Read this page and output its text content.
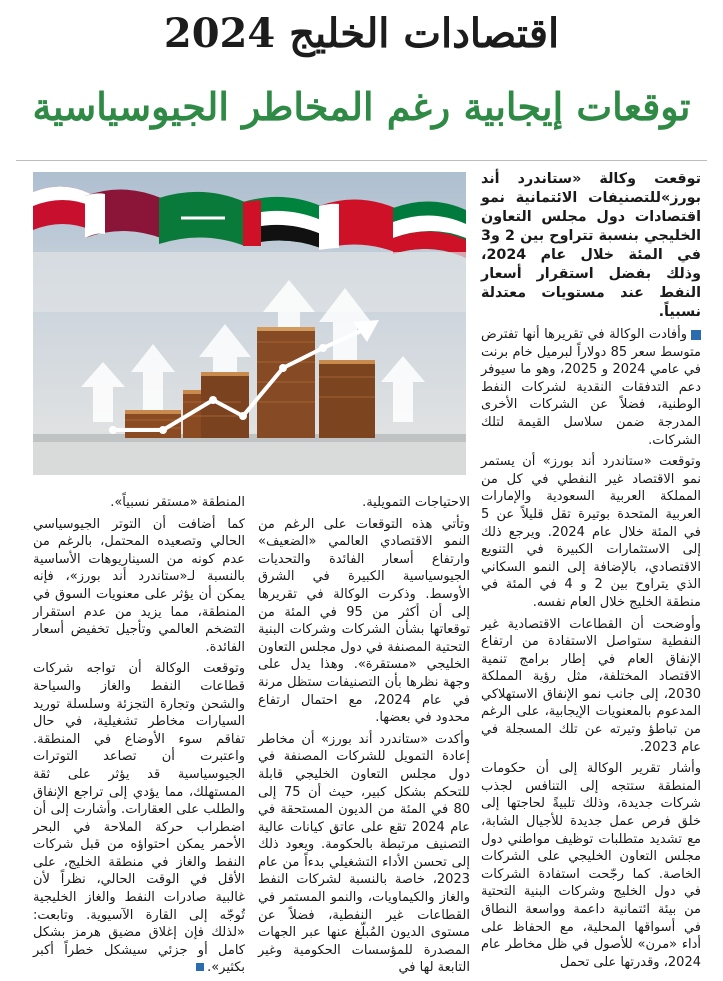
اقتصادات الخليج 2024
توقعات إيجابية رغم المخاطر الجيوسياسية

توقعت وكالة «ستاندرد أند بورز»للتصنيفات الائتمانية نمو اقتصادات دول مجلس التعاون الخليجي بنسبة تتراوح بين 2 و3 في المئة خلال عام 2024، وذلك بفضل استقرار أسعار النفط عند مستويات معتدلة نسبياً.

وأفادت الوكالة في تقريرها أنها تفترض متوسط سعر 85 دولاراً لبرميل خام برنت في عامي 2024 و 2025، وهو ما سيوفر دعم التدفقات النقدية لشركات النفط الوطنية، فضلاً عن الشركات الأخرى المدرجة ضمن سلاسل القيمة لتلك الشركات.

وتوقعت «ستاندرد أند بورز» أن يستمر نمو الاقتصاد غير النفطي في كل من المملكة العربية السعودية والإمارات العربية المتحدة بوتيرة تقل قليلاً عن 5 في المئة خلال عام 2024. ويرجع ذلك إلى الاستثمارات الكبيرة في التنويع الاقتصادي، بالإضافة إلى النمو السكاني الذي يتراوح بين 2 و 4 في المئة في منطقة الخليج خلال العام نفسه.

وأوضحت أن القطاعات الاقتصادية غير النفطية ستواصل الاستفادة من ارتفاع الإنفاق العام في إطار برامج تنمية الاقتصاد المختلفة، مثل رؤية المملكة 2030، إلى جانب نمو الإنفاق الاستهلاكي المدعوم بالمعنويات الإيجابية، على الرغم من تباطؤ وتيرته عن تلك المسجلة في عام 2023.

وأشار تقرير الوكالة إلى أن حكومات المنطقة ستتجه إلى التنافس لجذب شركات جديدة، وذلك تلبيةً لحاجتها إلى خلق فرص عمل جديدة للأجيال الشابة، مع تشديد متطلبات توظيف مواطني دول مجلس التعاون الخليجي على الشركات الخاصة. كما رجّحت استفادة الشركات في دول الخليج وشركات البنية التحتية من بيئة ائتمانية داعمة وواسعة النطاق في أسواقها المحلية، مع الحفاظ على أداء «مرن» للأصول في ظل مخاطر عام 2024، وقدرتها على تحمل

الاحتياجات التمويلية.

وتأتي هذه التوقعات على الرغم من النمو الاقتصادي العالمي «الضعيف» وارتفاع أسعار الفائدة والتحديات الجيوسياسية الكبيرة في الشرق الأوسط. وذكرت الوكالة في تقريرها إلى أن أكثر من 95 في المئة من توقعاتها بشأن الشركات وشركات البنية التحتية المصنفة في دول مجلس التعاون الخليجي «مستقرة». وهذا يدل على وجهة نظرها بأن التصنيفات ستظل مرنة في عام 2024، مع احتمال ارتفاع محدود في بعضها.

وأكدت «ستاندرد أند بورز» أن مخاطر إعادة التمويل للشركات المصنفة في دول مجلس التعاون الخليجي قابلة للتحكم بشكل كبير، حيث أن 75 إلى 80 في المئة من الديون المستحقة في عام 2024 تقع على عاتق كيانات عالية التصنيف مرتبطة بالحكومة. ويعود ذلك إلى تحسن الأداء التشغيلي بدءاً من عام 2023، خاصة بالنسبة لشركات النفط والغاز والكيماويات، والنمو المستمر في القطاعات غير النفطية، فضلاً عن مستوى الديون المُبلّغ عنها عبر الجهات المصدرة للمؤسسات الحكومية وغير التابعة لها في

المنطقة «مستقر نسبياً».

كما أضافت أن التوتر الجيوسياسي الحالي وتصعيده المحتمل، بالرغم من عدم كونه من السيناريوهات الأساسية بالنسبة لـ«ستاندرد أند بورز»، فإنه يمكن أن يؤثر على معنويات السوق في المنطقة، مما يزيد من عدم استقرار التضخم العالمي وتأجيل تخفيض أسعار الفائدة.

وتوقعت الوكالة أن تواجه شركات قطاعات النفط والغاز والسياحة والشحن وتجارة التجزئة وسلسلة توريد السيارات مخاطر تشغيلية، في حال تفاقم سوء الأوضاع في المنطقة. واعتبرت أن تصاعد التوترات الجيوسياسية قد يؤثر على ثقة المستهلك، مما يؤدي إلى تراجع الإنفاق والطلب على العقارات. وأشارت إلى أن اضطراب حركة الملاحة في البحر الأحمر يمكن احتواؤه من قبل شركات النفط والغاز في منطقة الخليج، على الأقل في الوقت الحالي، نظراً لأن غالبية صادرات النفط والغاز الخليجية تُوجّه إلى القارة الآسيوية. وتابعت: «لذلك فإن إغلاق مضيق هرمز بشكل كامل أو جزئي سيشكل خطراً أكبر بكثير».
